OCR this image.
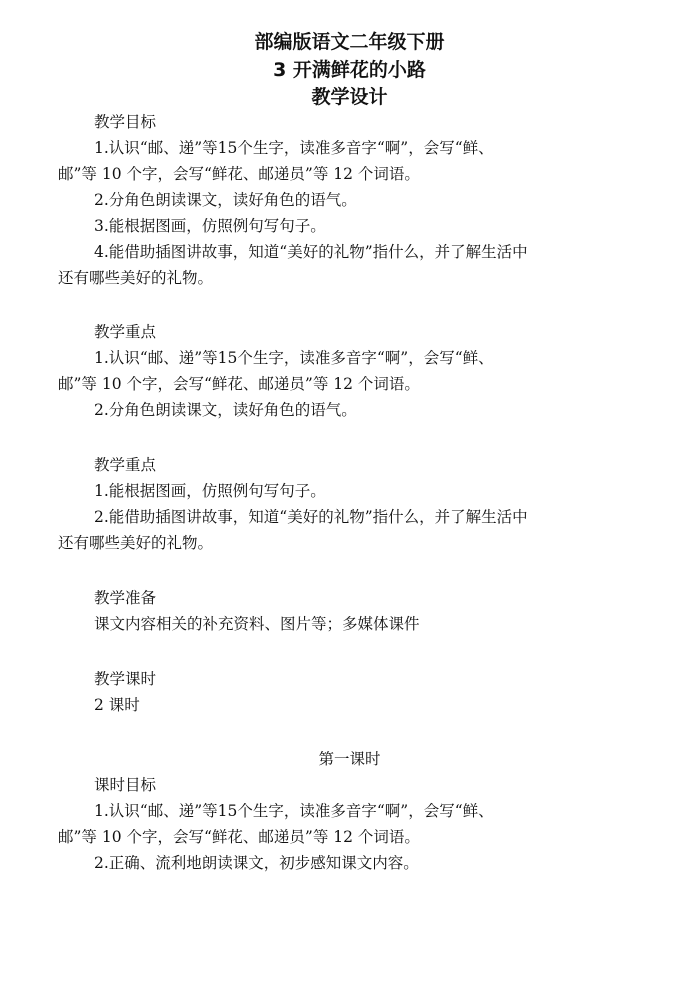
部编版语文二年级下册

3 开满鲜花的小路

教学设计

教学目标

1.认识“邮、递”等15个生字，读准多音字“啊”，会写“鲜、

邮”等 10 个字，会写“鲜花、邮递员”等 12 个词语。

2.分角色朗读课文，读好角色的语气。

3.能根据图画，仿照例句写句子。

4.能借助插图讲故事，知道“美好的礼物”指什么，并了解生活中

还有哪些美好的礼物。

教学重点

1.认识“邮、递”等15个生字，读准多音字“啊”，会写“鲜、

邮”等 10 个字，会写“鲜花、邮递员”等 12 个词语。

2.分角色朗读课文，读好角色的语气。

教学重点

1.能根据图画，仿照例句写句子。

2.能借助插图讲故事，知道“美好的礼物”指什么，并了解生活中

还有哪些美好的礼物。

教学准备

课文内容相关的补充资料、图片等；多媒体课件

教学课时

2 课时

第一课时

课时目标

1.认识“邮、递”等15个生字，读准多音字“啊”，会写“鲜、

邮”等 10 个字，会写“鲜花、邮递员”等 12 个词语。

2.正确、流利地朗读课文，初步感知课文内容。
